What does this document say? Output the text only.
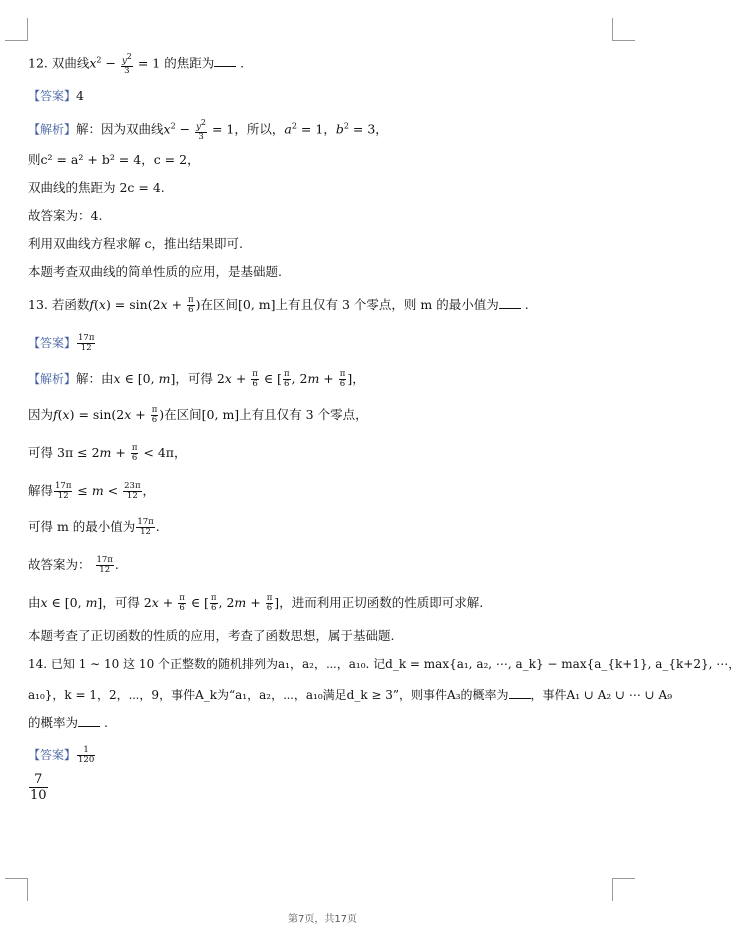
12. 双曲线$x^2 - \frac{y^2}{3} = 1$ 的焦距为 .
【答案】4
【解析】解：因为双曲线$x^2 - \frac{y^2}{3} = 1$，所以，$a^2 = 1$，$b^2 = 3$，
则c² = a² + b² = 4，c = 2，
双曲线的焦距为 2c = 4.
故答案为：4.
利用双曲线方程求解 c，推出结果即可.
本题考查双曲线的简单性质的应用，是基础题.
13. 若函数$f(x) = \sin(2x + \frac{\pi}{6}$ )在区间[0, m]上有且仅有 3 个零点，则 m 的最小值为 .
【答案】 $\frac{17\pi}{12}$
【解析】解：由x ∈ [0, m]，可得 $2x + \frac{\pi}{6}$ ∈ [ $\frac{\pi}{6}$ , $2m + \frac{\pi}{6}$ ]，
因为$f(x) = \sin(2x + \frac{\pi}{6}$ )在区间[0, m]上有且仅有 3 个零点，
可得 $3\pi \le 2m + \frac{\pi}{6} < 4\pi$，
解得 $\frac{17\pi}{12} \le m < \frac{23\pi}{12}$ ，
可得 m 的最小值为 $\frac{17\pi}{12}$ .
故答案为： $\frac{17\pi}{12}$ .
由x ∈ [0, m]，可得 $2x + \frac{\pi}{6}$ ∈ [ $\frac{\pi}{6}$ , $2m + \frac{\pi}{6}$ ]，进而利用正切函数的性质即可求解.
本题考查了正切函数的性质的应用，考查了函数思想，属于基础题.
14. 已知 1 ∼ 10 这 10 个正整数的随机排列为a₁，a₂，⋯，a₁₀. 记d_k = max{a₁, a₂, ⋯, a_k} − max{a_{k+1}, a_{k+2}, ⋯，
a₁₀}，k = 1，2，⋯，9，事件A_k为“a₁，a₂，⋯，a₁₀满足d_k ≥ 3”，则事件A₃的概率为 ，事件A₁ ∪ A₂ ∪ ⋯ ∪ A₉
的概率为 .
【答案】 $\frac{1}{120}$
$\frac{7}{10}$
第7页，共17页
